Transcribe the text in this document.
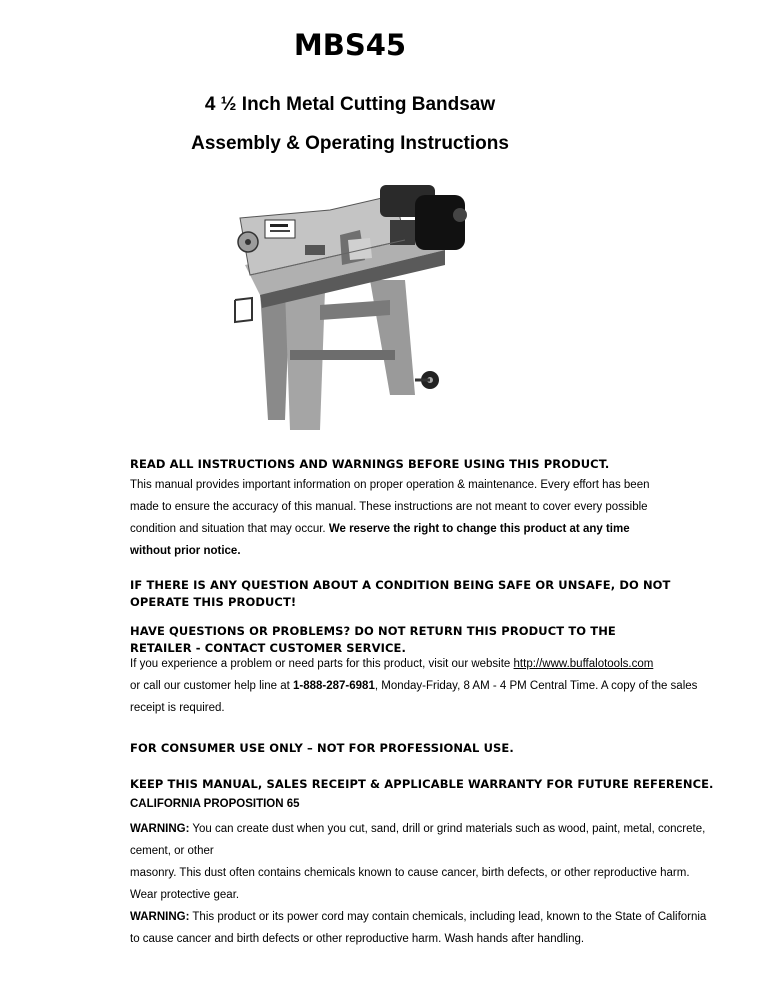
MBS45
4 ½ Inch Metal Cutting Bandsaw
Assembly & Operating Instructions
READ ALL INSTRUCTIONS AND WARNINGS BEFORE USING THIS PRODUCT.
This manual provides important information on proper operation & maintenance. Every effort has been
made to ensure the accuracy of this manual. These instructions are not meant to cover every possible
condition and situation that may occur. We reserve the right to change this product at any time
without prior notice.
IF THERE IS ANY QUESTION ABOUT A CONDITION BEING SAFE OR UNSAFE, DO NOT
OPERATE THIS PRODUCT!
HAVE QUESTIONS OR PROBLEMS? DO NOT RETURN THIS PRODUCT TO THE
RETAILER - CONTACT CUSTOMER SERVICE.
If you experience a problem or need parts for this product, visit our website http://www.buffalotools.com
or call our customer help line at 1-888-287-6981, Monday-Friday, 8 AM - 4 PM Central Time. A copy of the sales
receipt is required.
FOR CONSUMER USE ONLY – NOT FOR PROFESSIONAL USE.
KEEP THIS MANUAL, SALES RECEIPT & APPLICABLE WARRANTY FOR FUTURE REFERENCE.
CALIFORNIA PROPOSITION 65
WARNING: You can create dust when you cut, sand, drill or grind materials such as wood, paint, metal, concrete,
cement, or other
masonry. This dust often contains chemicals known to cause cancer, birth defects, or other reproductive harm.
Wear protective gear.
WARNING: This product or its power cord may contain chemicals, including lead, known to the State of California
to cause cancer and birth defects or other reproductive harm. Wash hands after handling.
